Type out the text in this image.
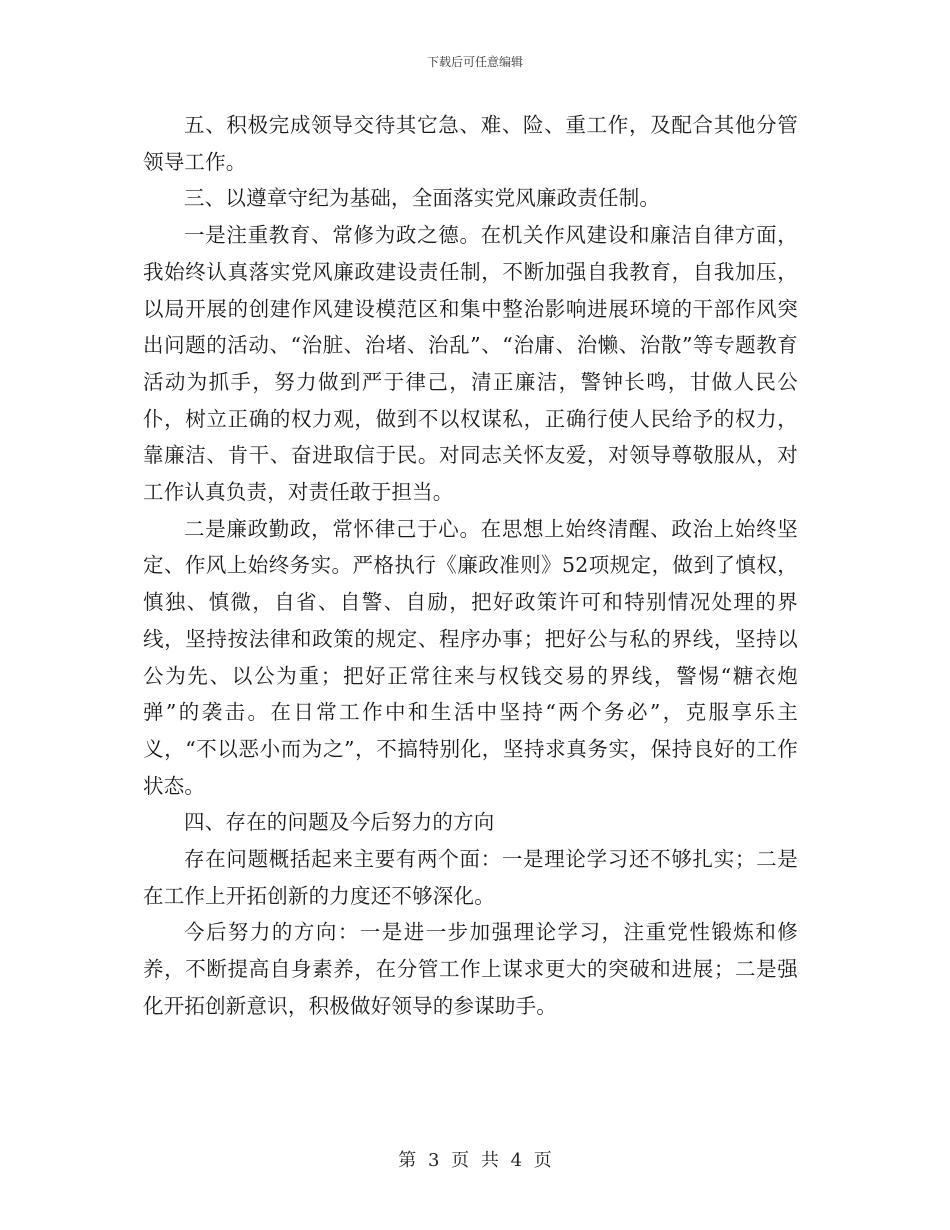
下载后可任意编辑

五、积极完成领导交待其它急、难、险、重工作，及配合其他分管领导工作。

三、以遵章守纪为基础，全面落实党风廉政责任制。

一是注重教育、常修为政之德。在机关作风建设和廉洁自律方面，我始终认真落实党风廉政建设责任制，不断加强自我教育，自我加压，以局开展的创建作风建设模范区和集中整治影响进展环境的干部作风突出问题的活动、“治脏、治堵、治乱”、“治庸、治懒、治散”等专题教育活动为抓手，努力做到严于律己，清正廉洁，警钟长鸣，甘做人民公仆，树立正确的权力观，做到不以权谋私，正确行使人民给予的权力，靠廉洁、肯干、奋进取信于民。对同志关怀友爱，对领导尊敬服从，对工作认真负责，对责任敢于担当。

二是廉政勤政，常怀律己于心。在思想上始终清醒、政治上始终坚定、作风上始终务实。严格执行《廉政准则》52项规定，做到了慎权，慎独、慎微，自省、自警、自励，把好政策许可和特别情况处理的界线，坚持按法律和政策的规定、程序办事；把好公与私的界线，坚持以公为先、以公为重；把好正常往来与权钱交易的界线，警惕“糖衣炮弹”的袭击。在日常工作中和生活中坚持“两个务必”，克服享乐主义，“不以恶小而为之”，不搞特别化，坚持求真务实，保持良好的工作状态。

四、存在的问题及今后努力的方向

存在问题概括起来主要有两个面：一是理论学习还不够扎实；二是在工作上开拓创新的力度还不够深化。

今后努力的方向：一是进一步加强理论学习，注重党性锻炼和修养，不断提高自身素养，在分管工作上谋求更大的突破和进展；二是强化开拓创新意识，积极做好领导的参谋助手。

第 3 页 共 4 页
